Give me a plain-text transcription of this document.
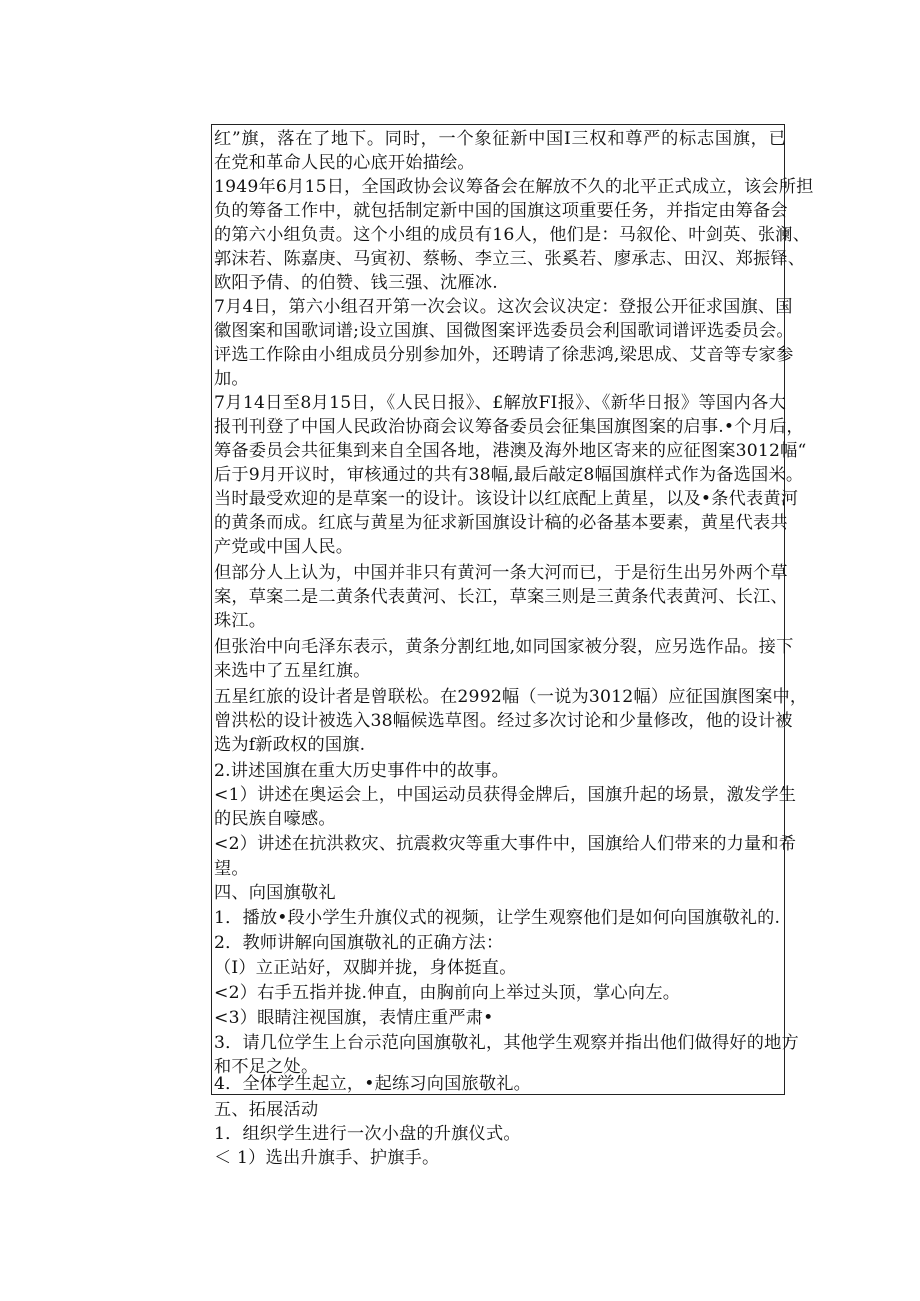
红”旗，落在了地下。同时，一个象征新中国I三权和尊严的标志国旗，已
在党和革命人民的心底开始描绘。
1949年6月15日，全国政协会议筹备会在解放不久的北平正式成立，该会所担
负的筹备工作中，就包括制定新中国的国旗这项重要任务，并指定由筹备会
的第六小组负责。这个小组的成员有16人，他们是：马叙伦、叶剑英、张澜、
郭沫若、陈嘉庚、马寅初、蔡畅、李立三、张奚若、廖承志、田汉、郑振铎、
欧阳予倩、的伯赞、钱三强、沈雁冰.
7月4日，第六小组召开第一次会议。这次会议决定：登报公开征求国旗、国
徽图案和国歌词谱;设立国旗、国微图案评选委员会利国歌词谱评选委员会。
评选工作除由小组成员分别参加外，还聘请了徐悲鸿,梁思成、艾音等专家参
加。
7月14日至8月15日，《人民日报》、£解放FI报》、《新华日报》等国内各大
报刊刊登了中国人民政治协商会议筹备委员会征集国旗图案的启事.•个月后，
筹备委员会共征集到来自全国各地，港澳及海外地区寄来的应征图案3012幅“
后于9月开议时，审核通过的共有38幅,最后敲定8幅国旗样式作为备选国米。
当时最受欢迎的是草案一的设计。该设计以红底配上黄星，以及•条代表黄河
的黄条而成。红底与黄星为征求新国旗设计稿的必备基本要素，黄星代表共
产党或中国人民。
但部分人上认为，中国并非只有黄河一条大河而已，于是衍生出另外两个草
案，草案二是二黄条代表黄河、长江，草案三则是三黄条代表黄河、长江、
珠江。
但张治中向毛泽东表示，黄条分割红地,如同国家被分裂，应另选作品。接下
来选中了五星红旗。
五星红旅的设计者是曾联松。在2992幅（一说为3012幅）应征国旗图案中，
曾洪松的设计被选入38幅候选草图。经过多次讨论和少量修改，他的设计被
选为f新政权的国旗.
2.讲述国旗在重大历史事件中的故事。
<1）讲述在奥运会上，中国运动员获得金牌后，国旗升起的场景，激发学生
的民族自嚎感。
<2）讲述在抗洪救灾、抗震救灾等重大事件中，国旗给人们带来的力量和希
望。
四、向国旗敬礼
1．播放•段小学生升旗仪式的视频，让学生观察他们是如何向国旗敬礼的.
2．教师讲解向国旗敬礼的正确方法：
（I）立正站好，双脚并拢，身体挺直。
<2）右手五指并拢.伸直，由胸前向上举过头顶，掌心向左。
<3）眼睛注视国旗，表情庄重严肃•
3．请几位学生上台示范向国旗敬礼，其他学生观察并指出他们做得好的地方
和不足之处。
4．全体学生起立，•起练习向国旅敬礼。
五、拓展活动
1．组织学生进行一次小盘的升旗仪式。
＜ 1）选出升旗手、护旗手。
